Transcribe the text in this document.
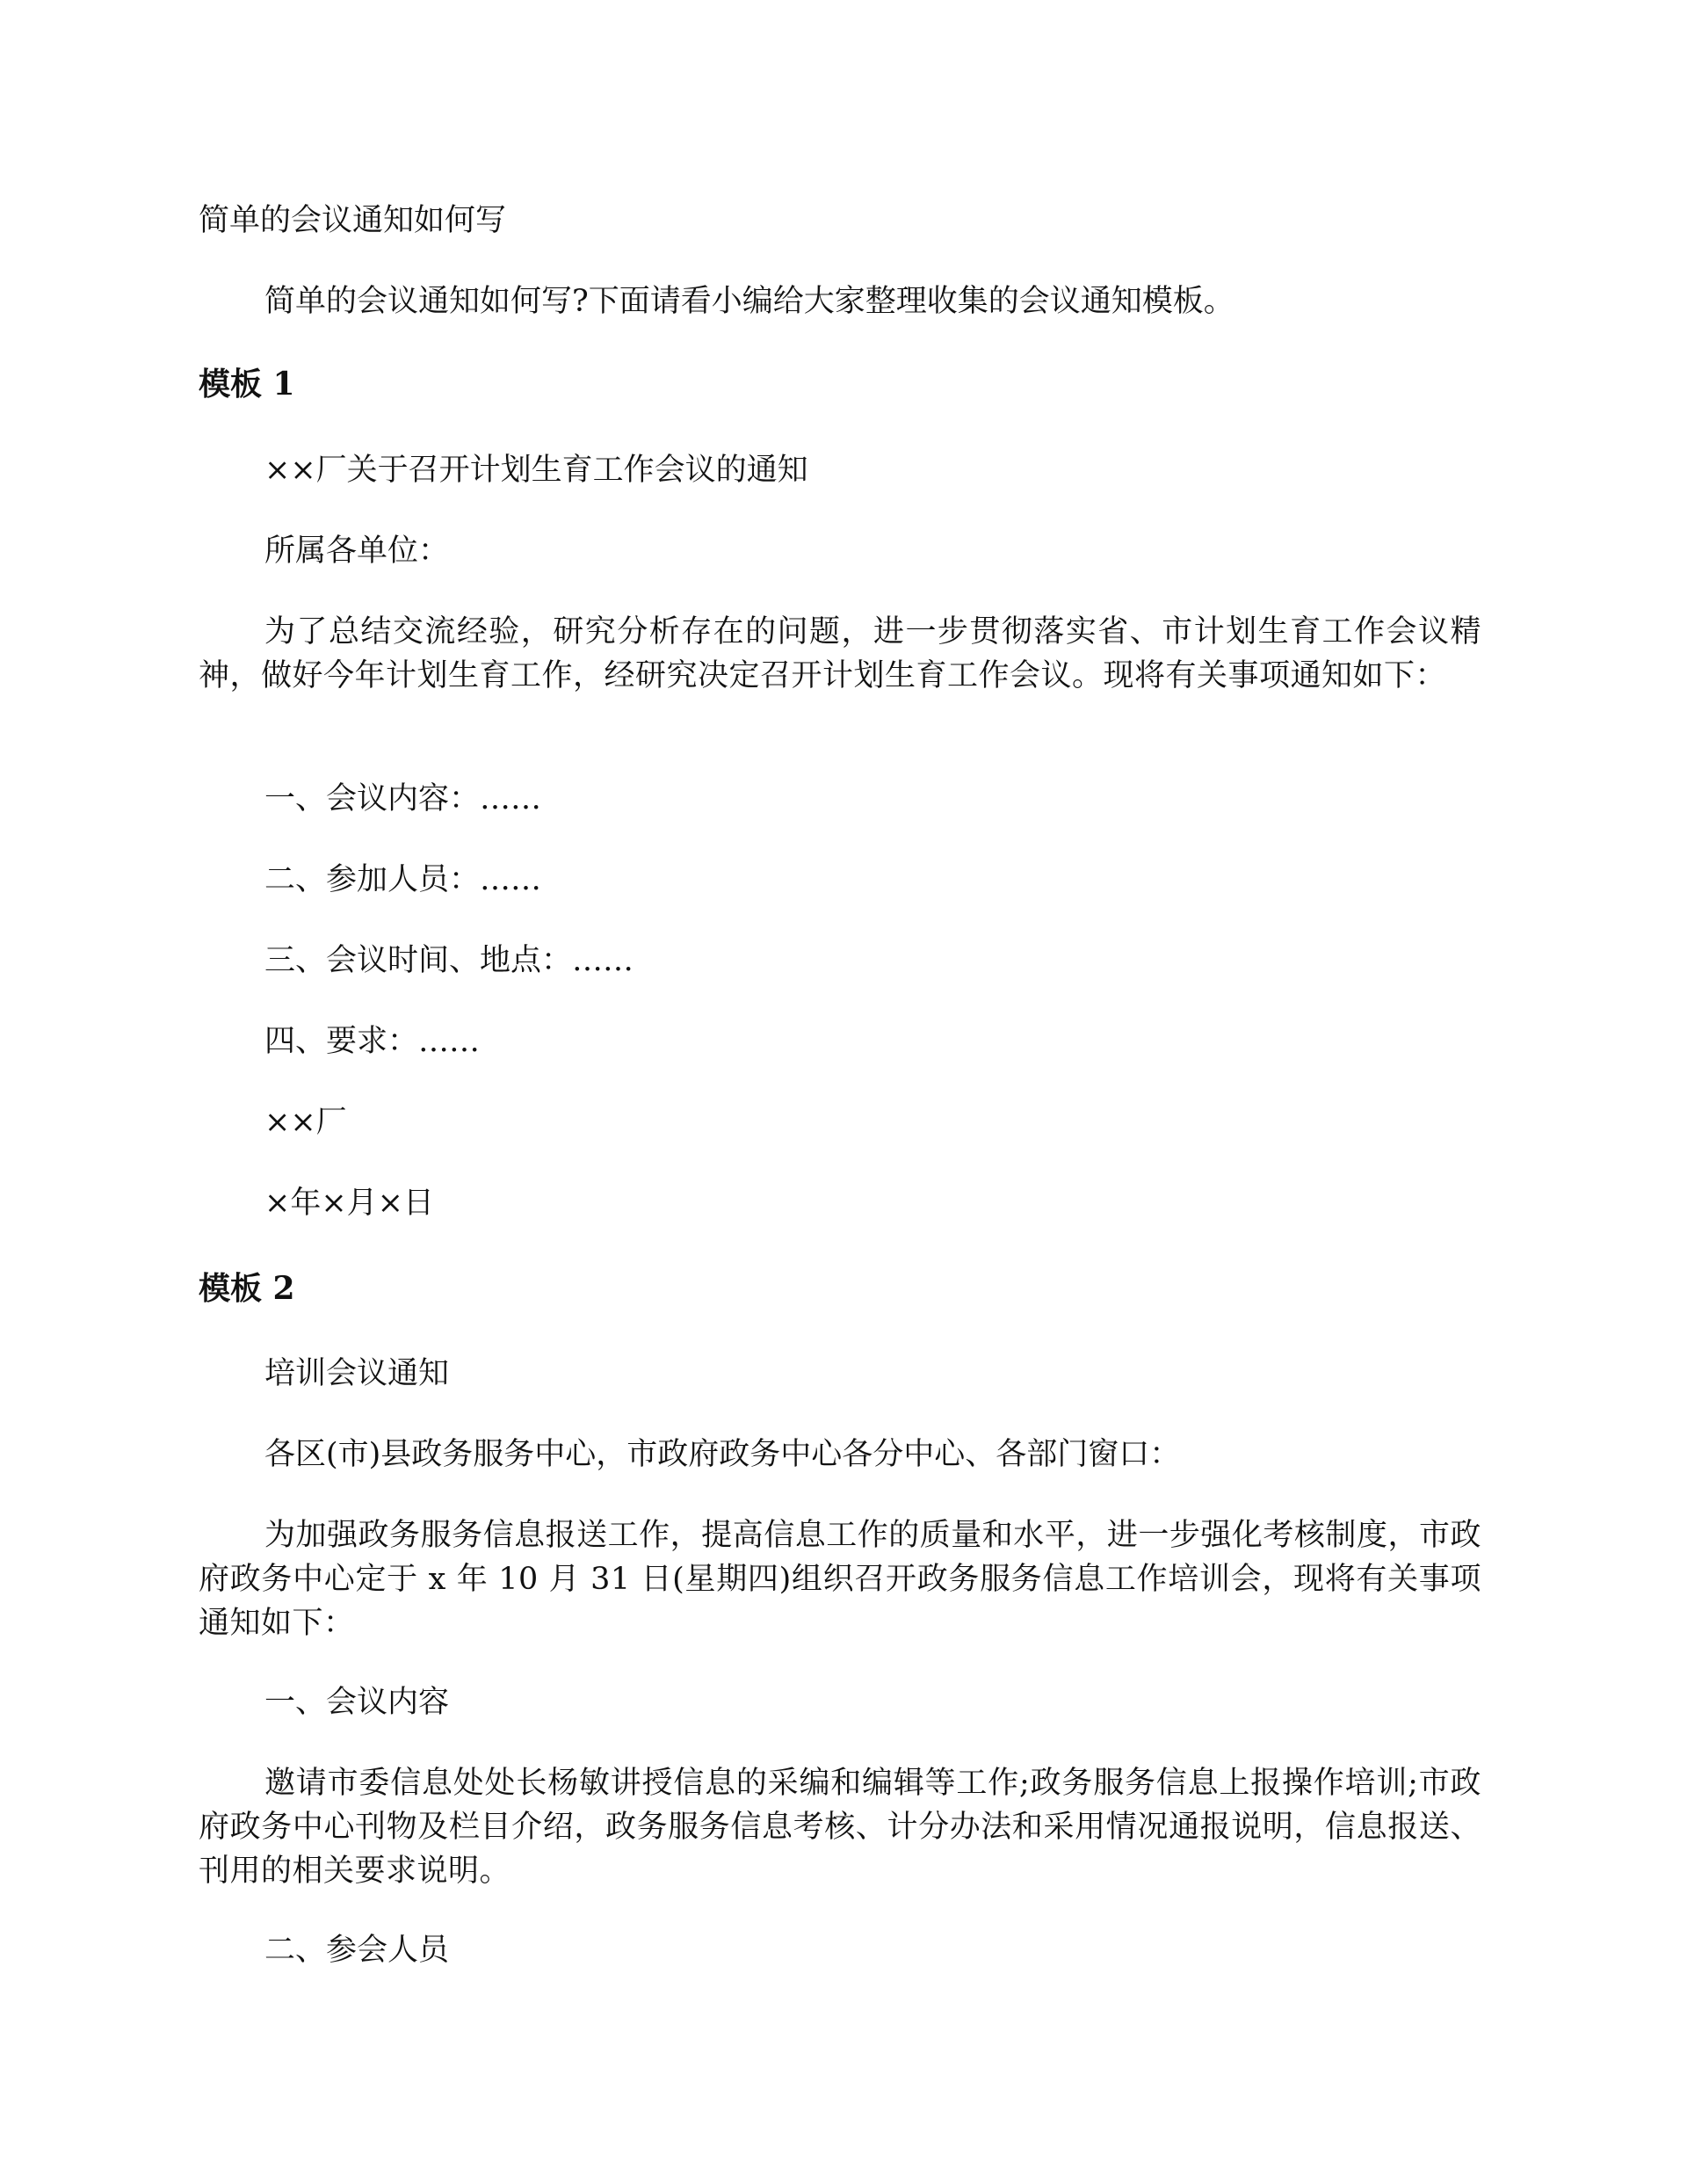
简单的会议通知如何写

简单的会议通知如何写?下面请看小编给大家整理收集的会议通知模板。

模板 1

××厂关于召开计划生育工作会议的通知

所属各单位：

为了总结交流经验，研究分析存在的问题，进一步贯彻落实省、市计划生育工作会议精神，做好今年计划生育工作，经研究决定召开计划生育工作会议。现将有关事项通知如下：

一、会议内容：……

二、参加人员：……

三、会议时间、地点：……

四、要求：……

××厂

×年×月×日

模板 2

培训会议通知

各区(市)县政务服务中心，市政府政务中心各分中心、各部门窗口：

为加强政务服务信息报送工作，提高信息工作的质量和水平，进一步强化考核制度，市政府政务中心定于 x 年 10 月 31 日(星期四)组织召开政务服务信息工作培训会，现将有关事项通知如下：

一、会议内容

邀请市委信息处处长杨敏讲授信息的采编和编辑等工作;政务服务信息上报操作培训;市政府政务中心刊物及栏目介绍，政务服务信息考核、计分办法和采用情况通报说明，信息报送、刊用的相关要求说明。

二、参会人员
